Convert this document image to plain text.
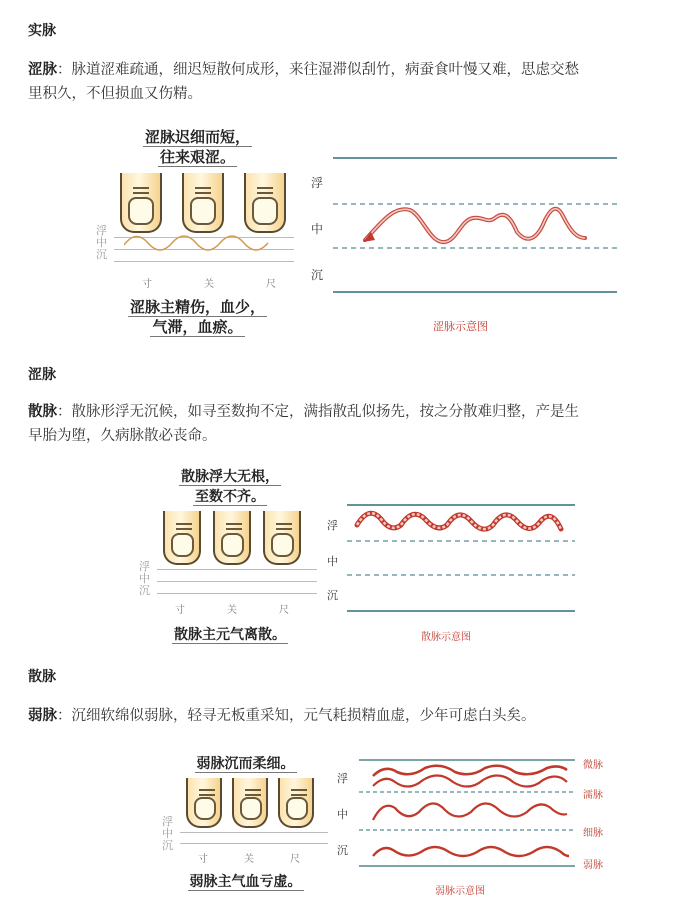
实脉
涩脉：脉道涩难疏通，细迟短散何成形，来往湿滞似刮竹，病蚕食叶慢又难，思虑交愁
里积久，不但损血又伤精。
涩脉迟细而短，
往来艰涩。
浮
中
沉
寸	关	尺
涩脉主精伤，血少，
气滞，血瘀。
浮
中
沉
涩脉示意图
涩脉
散脉：散脉形浮无沉候，如寻至数拘不定，满指散乱似扬先，按之分散难归整，产是生
早胎为堕，久病脉散必丧命。
散脉浮大无根，
至数不齐。
浮
中
沉
寸	关	尺
散脉主元气离散。
浮
中
沉
散脉示意图
散脉
弱脉：沉细软绵似弱脉，轻寻无板重采知，元气耗损精血虚，少年可虑白头矣。
弱脉沉而柔细。
浮
中
沉
寸	关	尺
弱脉主气血亏虚。
浮
中
沉
微脉
濡脉
细脉
弱脉
弱脉示意图
